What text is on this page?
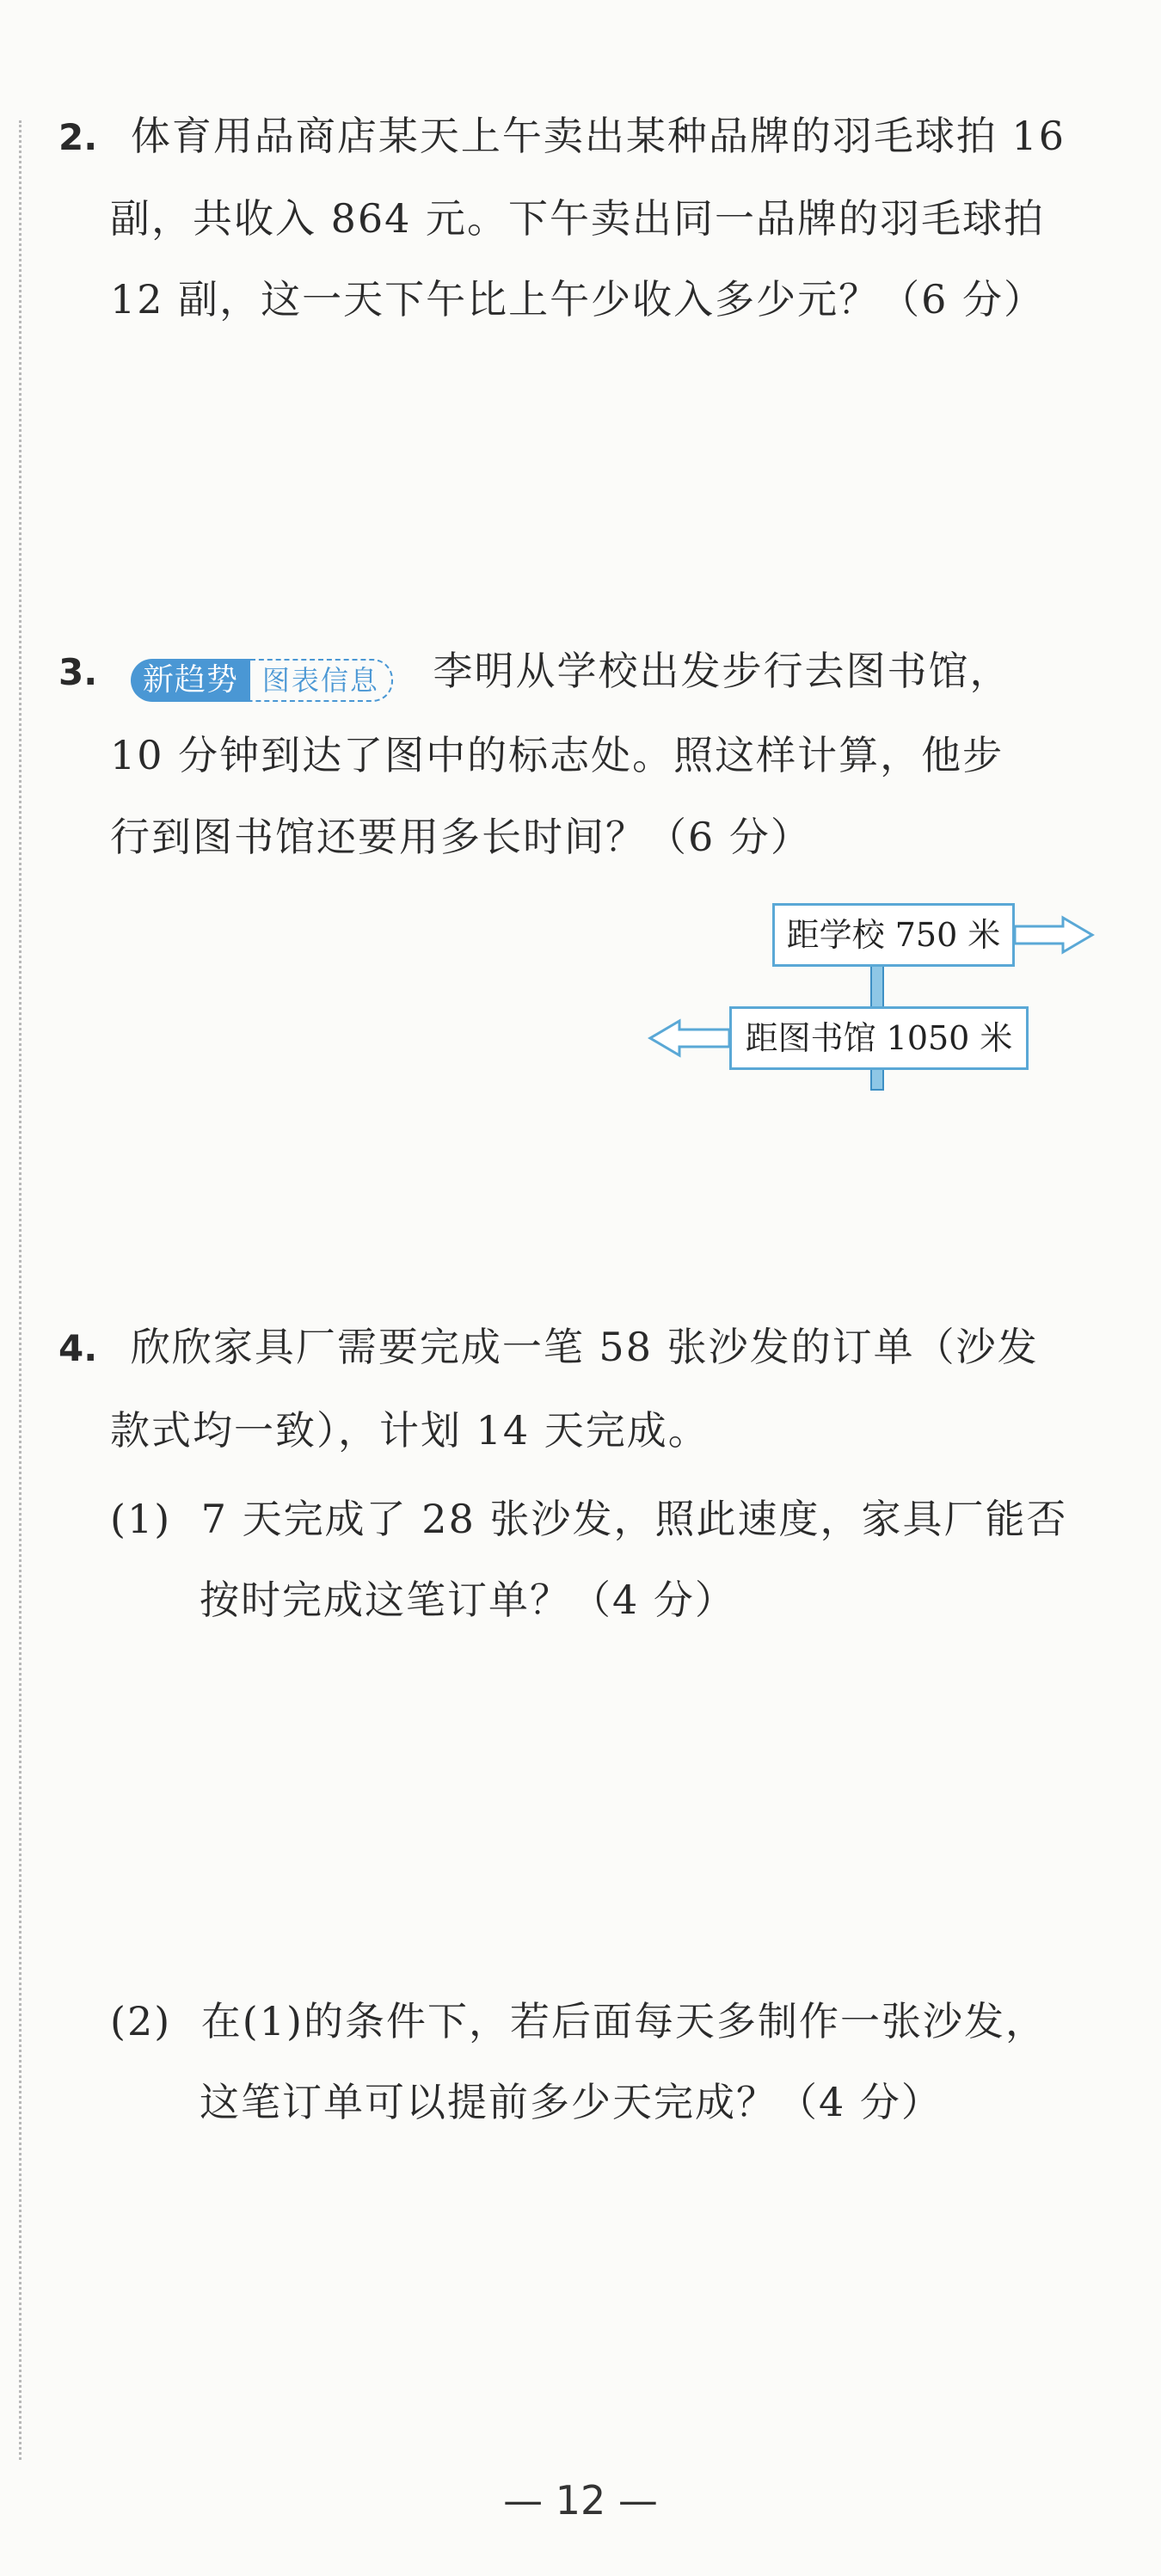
2. 体育用品商店某天上午卖出某种品牌的羽毛球拍 16
副，共收入 864 元。下午卖出同一品牌的羽毛球拍
12 副，这一天下午比上午少收入多少元？（6 分）
3.	新趋势 图表信息	李明从学校出发步行去图书馆，
10 分钟到达了图中的标志处。照这样计算，他步
行到图书馆还要用多长时间？（6 分）
距学校 750 米
距图书馆 1050 米
4. 欣欣家具厂需要完成一笔 58 张沙发的订单（沙发
款式均一致），计划 14 天完成。
(1) 7 天完成了 28 张沙发，照此速度，家具厂能否
按时完成这笔订单？（4 分）
(2) 在(1)的条件下，若后面每天多制作一张沙发，
这笔订单可以提前多少天完成？（4 分）
— 12 —
